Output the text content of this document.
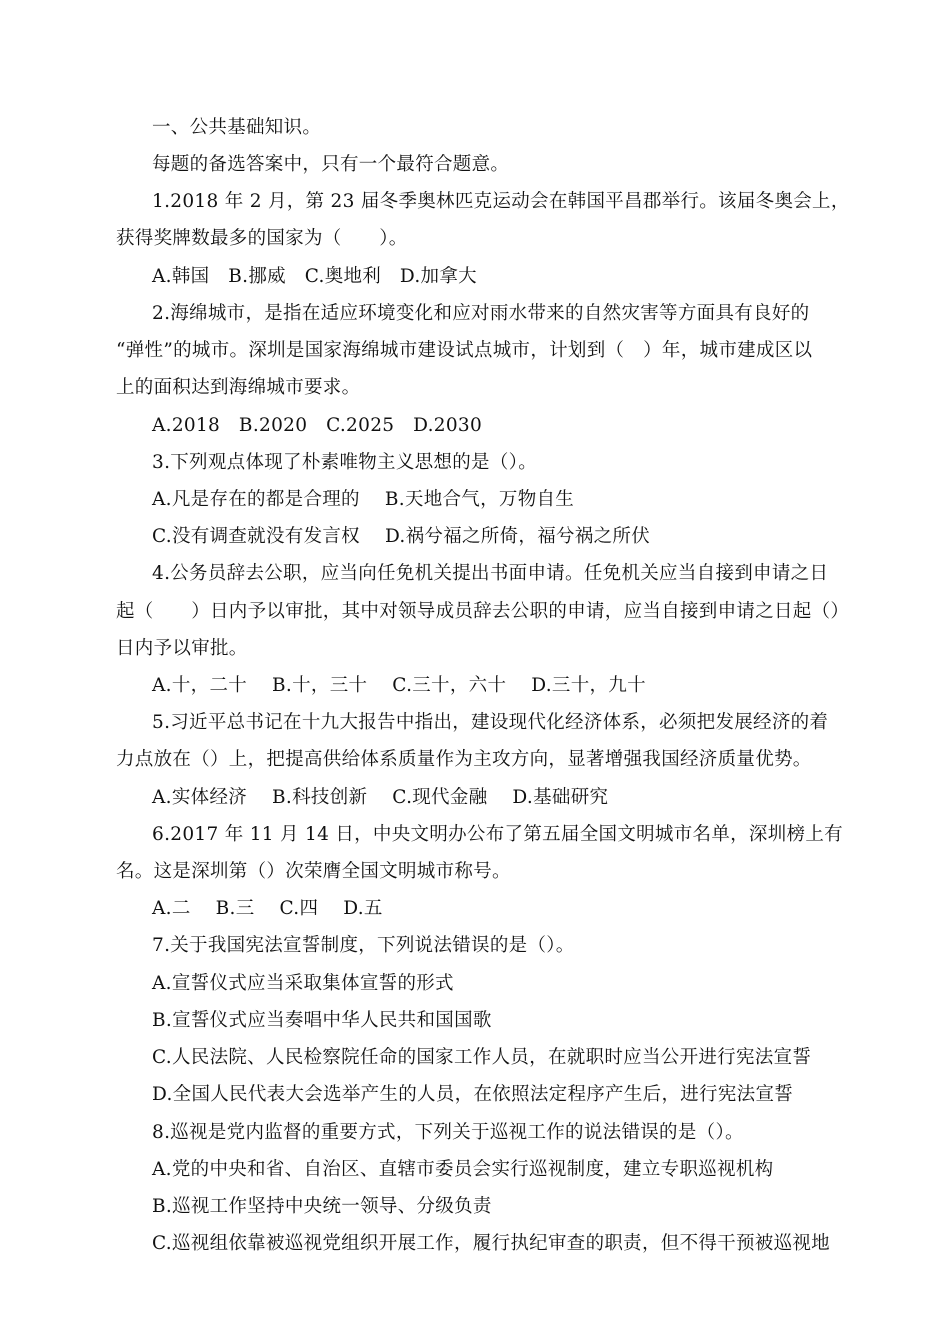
一、公共基础知识。
每题的备选答案中，只有一个最符合题意。
1.2018 年 2 月，第 23 届冬季奥林匹克运动会在韩国平昌郡举行。该届冬奥会上，
获得奖牌数最多的国家为（　　）。
A.韩国　B.挪威　C.奥地利　D.加拿大
2.海绵城市，是指在适应环境变化和应对雨水带来的自然灾害等方面具有良好的
“弹性”的城市。深圳是国家海绵城市建设试点城市，计划到（　）年，城市建成区以
上的面积达到海绵城市要求。
A.2018　B.2020　C.2025　D.2030
3.下列观点体现了朴素唯物主义思想的是（）。
A.凡是存在的都是合理的　 B.天地合气，万物自生
C.没有调查就没有发言权　 D.祸兮福之所倚，福兮祸之所伏
4.公务员辞去公职，应当向任免机关提出书面申请。任免机关应当自接到申请之日
起（　　）日内予以审批，其中对领导成员辞去公职的申请，应当自接到申请之日起（）
日内予以审批。
A.十，二十　 B.十，三十　 C.三十，六十　 D.三十，九十
5.习近平总书记在十九大报告中指出，建设现代化经济体系，必须把发展经济的着
力点放在（）上，把提高供给体系质量作为主攻方向，显著增强我国经济质量优势。
A.实体经济　 B.科技创新　 C.现代金融　 D.基础研究
6.2017 年 11 月 14 日，中央文明办公布了第五届全国文明城市名单，深圳榜上有
名。这是深圳第（）次荣膺全国文明城市称号。
A.二　 B.三　 C.四　 D.五
7.关于我国宪法宣誓制度，下列说法错误的是（）。
A.宣誓仪式应当采取集体宣誓的形式
B.宣誓仪式应当奏唱中华人民共和国国歌
C.人民法院、人民检察院任命的国家工作人员，在就职时应当公开进行宪法宣誓
D.全国人民代表大会选举产生的人员，在依照法定程序产生后，进行宪法宣誓
8.巡视是党内监督的重要方式，下列关于巡视工作的说法错误的是（）。
A.党的中央和省、自治区、直辖市委员会实行巡视制度，建立专职巡视机构
B.巡视工作坚持中央统一领导、分级负责
C.巡视组依靠被巡视党组织开展工作，履行执纪审查的职责，但不得干预被巡视地
